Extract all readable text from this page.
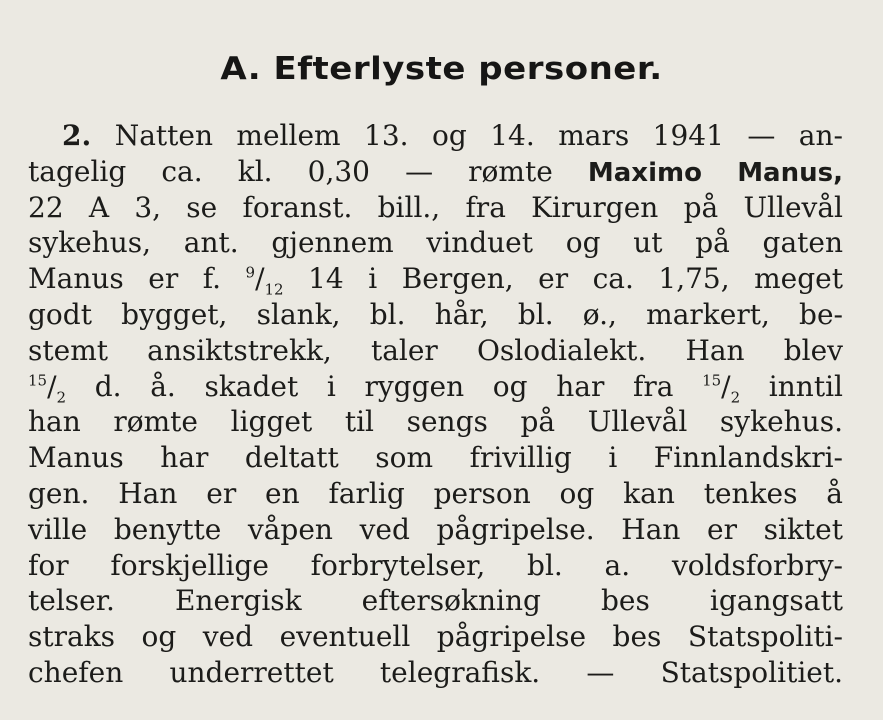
A. Efterlyste personer.
2. Natten mellem 13. og 14. mars 1941 — an-
tagelig ca. kl. 0,30 — rømte Maximo Manus,
22 A 3, se foranst. bill., fra Kirurgen på Ullevål
sykehus, ant. gjennem vinduet og ut på gaten
Manus er f. $^9/_{12}$ 14 i Bergen, er ca. 1,75, meget
godt bygget, slank, bl. hår, bl. ø., markert, be-
stemt ansiktstrekk, taler Oslodialekt. Han blev
$^{15}/_2$ d. å. skadet i ryggen og har fra $^{15}/_2$ inntil
han rømte ligget til sengs på Ullevål sykehus.
Manus har deltatt som frivillig i Finnlandskri-
gen. Han er en farlig person og kan tenkes å
ville benytte våpen ved pågripelse. Han er siktet
for forskjellige forbrytelser, bl. a. voldsforbry-
telser. Energisk eftersøkning bes igangsatt
straks og ved eventuell pågripelse bes Statspoliti-
chefen underrettet telegrafisk. — Statspolitiet.
